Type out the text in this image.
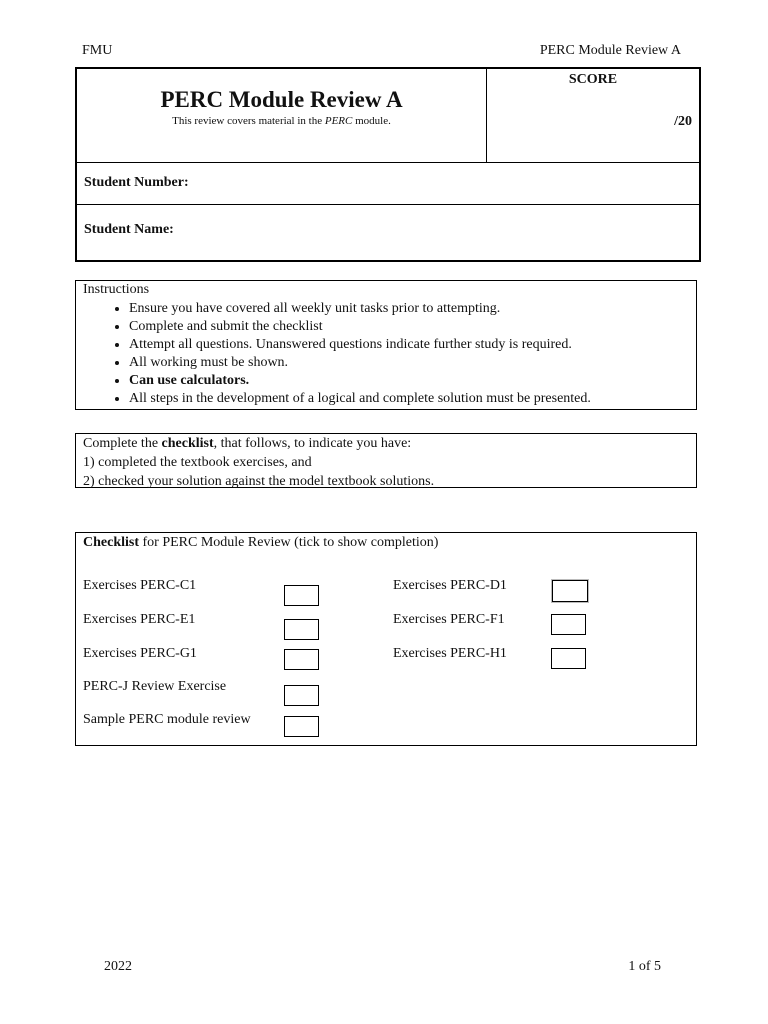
FMU	PERC Module Review A
PERC Module Review A
This review covers material in the PERC module.
SCORE
/20
Student Number:
Student Name:
Instructions
• Ensure you have covered all weekly unit tasks prior to attempting.
• Complete and submit the checklist
• Attempt all questions. Unanswered questions indicate further study is required.
• All working must be shown.
• Can use calculators.
• All steps in the development of a logical and complete solution must be presented.
Complete the checklist, that follows, to indicate you have:
1) completed the textbook exercises, and
2) checked your solution against the model textbook solutions.
Checklist for PERC Module Review (tick to show completion)
Exercises PERC-C1	Exercises PERC-D1
Exercises PERC-E1	Exercises PERC-F1
Exercises PERC-G1	Exercises PERC-H1
PERC-J Review Exercise
Sample PERC module review
2022	1 of 5
